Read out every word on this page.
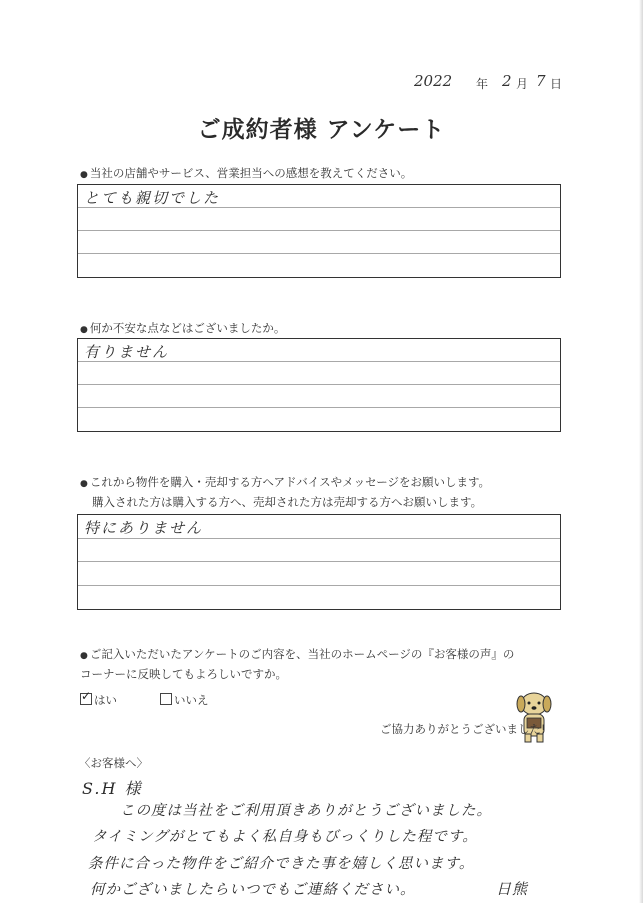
2022 年 2 月 7 日
ご成約者様 アンケート
● 当社の店舗やサービス、営業担当への感想を教えてください。
とても親切でした
● 何か不安な点などはございましたか。
有りません
● これから物件を購入・売却する方へアドバイスやメッセージをお願いします。
購入された方は購入する方へ、売却された方は売却する方へお願いします。
特にありません
● ご記入いただいたアンケートのご内容を、当社のホームページの『お客様の声』の
コーナーに反映してもよろしいですか。
✓ はい	いいえ
ご協力ありがとうございました!
〈お客様へ〉
S.H 様
この度は当社をご利用頂きありがとうございました。
タイミングがとてもよく私自身もびっくりした程です。
条件に合った物件をご紹介できた事を嬉しく思います。
何かございましたらいつでもご連絡ください。	日熊
